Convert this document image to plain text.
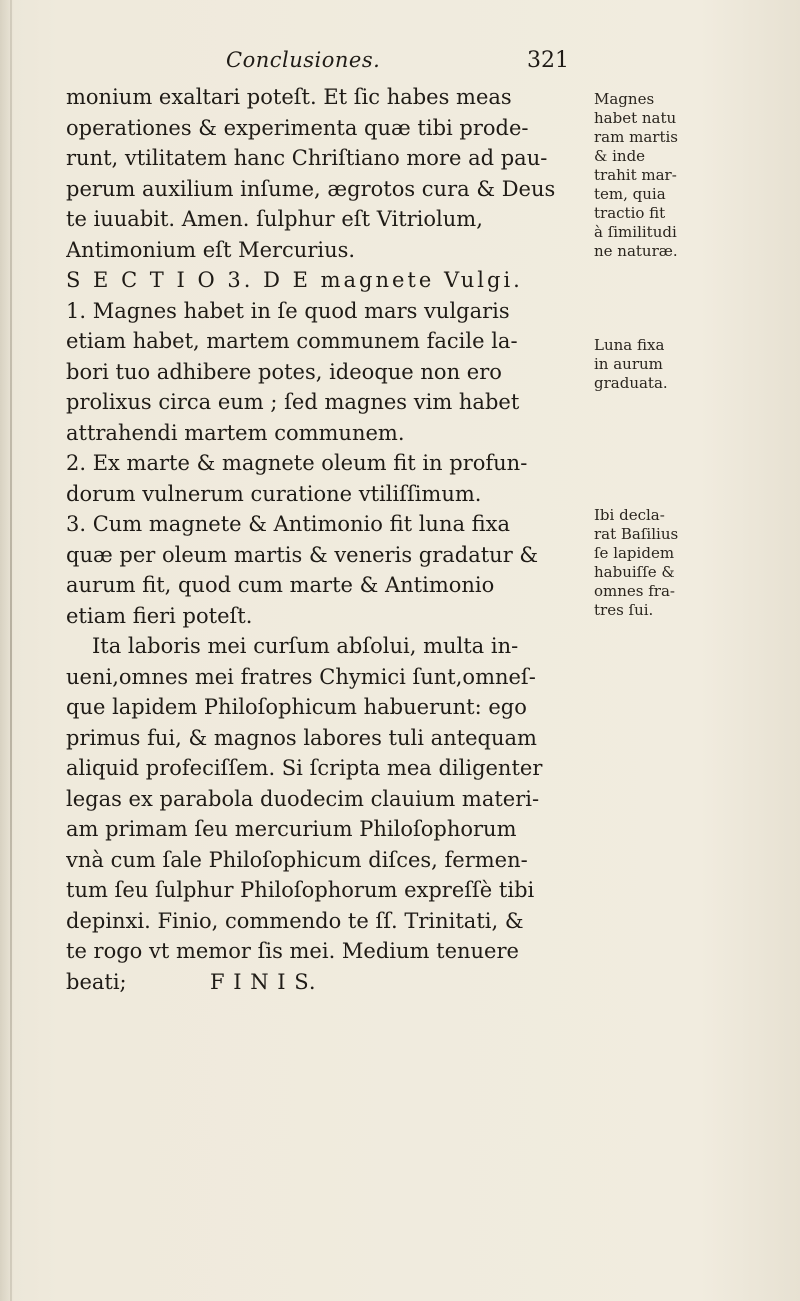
Conclusiones.	321
monium exaltari poteſt. Et ſic habes meas
operationes & experimenta quæ tibi prode-
runt, vtilitatem hanc Chriſtiano more ad pau-
perum auxilium inſume, ægrotos cura & Deus
te iuuabit. Amen. ſulphur eſt Vitriolum,
Antimonium eſt Mercurius.
S E C T I O 3. D E magnete Vulgi.
1. Magnes habet in ſe quod mars vulgaris
etiam habet, martem communem facile la-
bori tuo adhibere potes, ideoque non ero
prolixus circa eum ; ſed magnes vim habet
attrahendi martem communem.
2. Ex marte & magnete oleum fit in profun-
dorum vulnerum curatione vtiliſſimum.
3. Cum magnete & Antimonio fit luna fixa
quæ per oleum martis & veneris gradatur &
aurum fit, quod cum marte & Antimonio
etiam fieri poteſt.
Ita laboris mei curſum abſolui, multa in-
ueni,omnes mei fratres Chymici ſunt,omneſ-
que lapidem Philoſophicum habuerunt: ego
primus fui, & magnos labores tuli antequam
aliquid profeciſſem. Si ſcripta mea diligenter
legas ex parabola duodecim clauium materi-
am primam ſeu mercurium Philoſophorum
vnà cum ſale Philoſophicum diſces, fermen-
tum ſeu ſulphur Philoſophorum expreſſè tibi
depinxi. Finio, commendo te ſſ. Trinitati, &
te rogo vt memor ſis mei. Medium tenuere
beati;	F I N I S.
Magnes
habet natu
ram martis
& inde
trahit mar-
tem, quia
tractio fit
à ſimilitudi
ne naturæ.
Luna fixa
in aurum
graduata.
Ibi decla-
rat Baſilius
ſe lapidem
habuiſſe &
omnes fra-
tres ſui.
